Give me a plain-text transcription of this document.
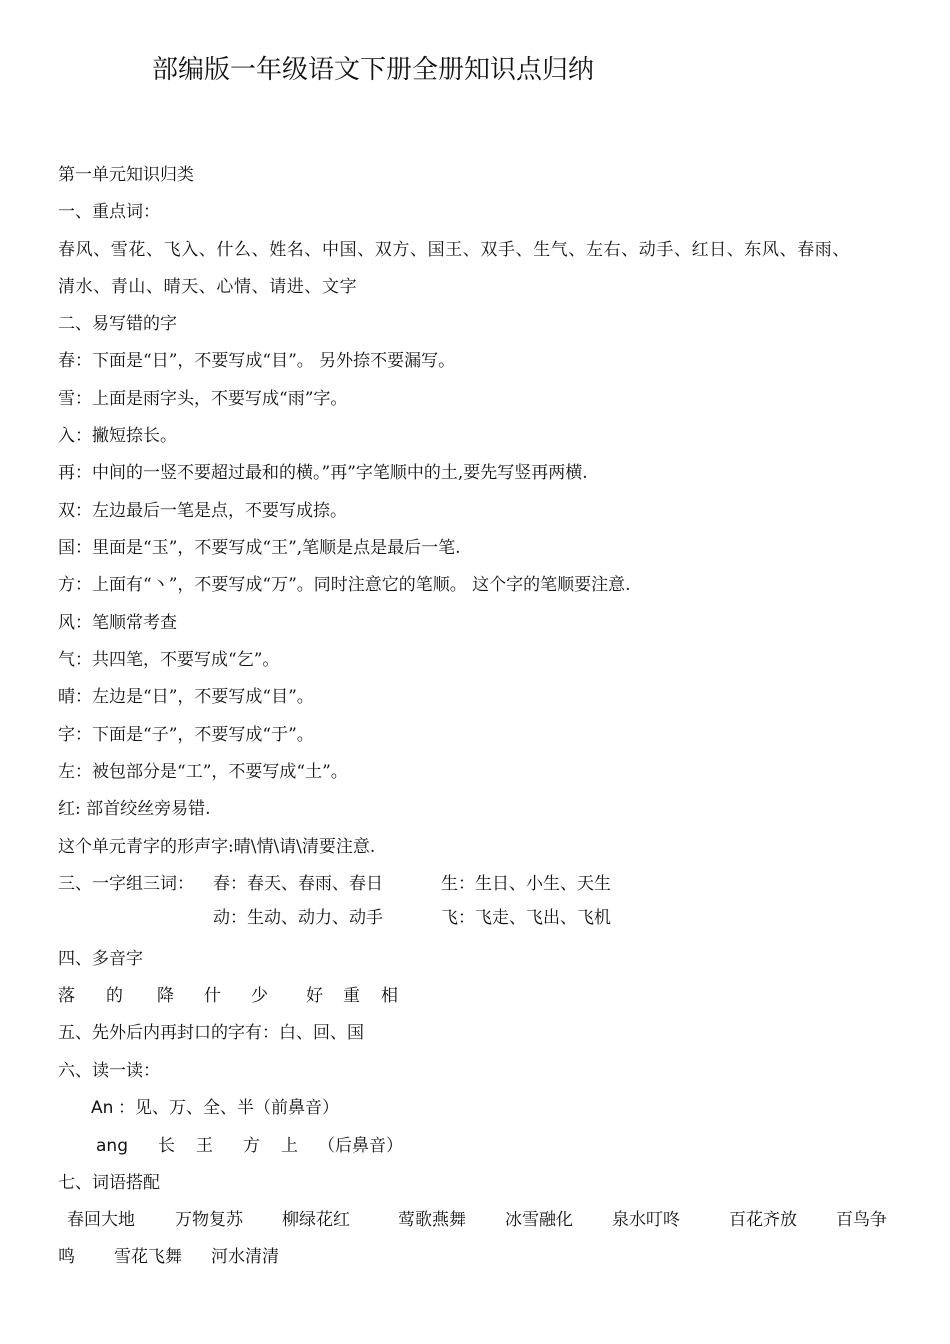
部编版一年级语文下册全册知识点归纳
第一单元知识归类
一、重点词：
春风、雪花、飞入、什么、姓名、中国、双方、国王、双手、生气、左右、动手、红日、东风、春雨、
清水、青山、晴天、心情、请进、文字
二、易写错的字
春：下面是“日”，不要写成“目”。 另外捺不要漏写。
雪：上面是雨字头，不要写成“雨”字。
入：撇短捺长。
再：中间的一竖不要超过最和的横。”再”字笔顺中的土,要先写竖再两横.
双：左边最后一笔是点，不要写成捺。
国：里面是“玉”，不要写成“王”,笔顺是点是最后一笔.
方：上面有“丶”，不要写成“万”。同时注意它的笔顺。 这个字的笔顺要注意.
风：笔顺常考查
气：共四笔，不要写成“乞”。
晴：左边是“日”，不要写成“目”。
字：下面是“子”，不要写成“于”。
左：被包部分是“工”，不要写成“土”。
红: 部首绞丝旁易错.
这个单元青字的形声字:晴\情\请\清要注意.
三、一字组三词： 春：春天、春雨、春日	生：生日、小生、天生
动：生动、动力、动手	飞：飞走、飞出、飞机
四、多音字
落 的 降 什 少 好 重 相
五、先外后内再封口的字有：白、回、国
六、读一读：
An ：见、万、全、半（前鼻音）
ang 长 王 方 上 （后鼻音）
七、词语搭配
春回大地 万物复苏 柳绿花红	莺歌燕舞 冰雪融化 泉水叮咚	百花齐放 百鸟争
鸣 雪花飞舞 河水清清
